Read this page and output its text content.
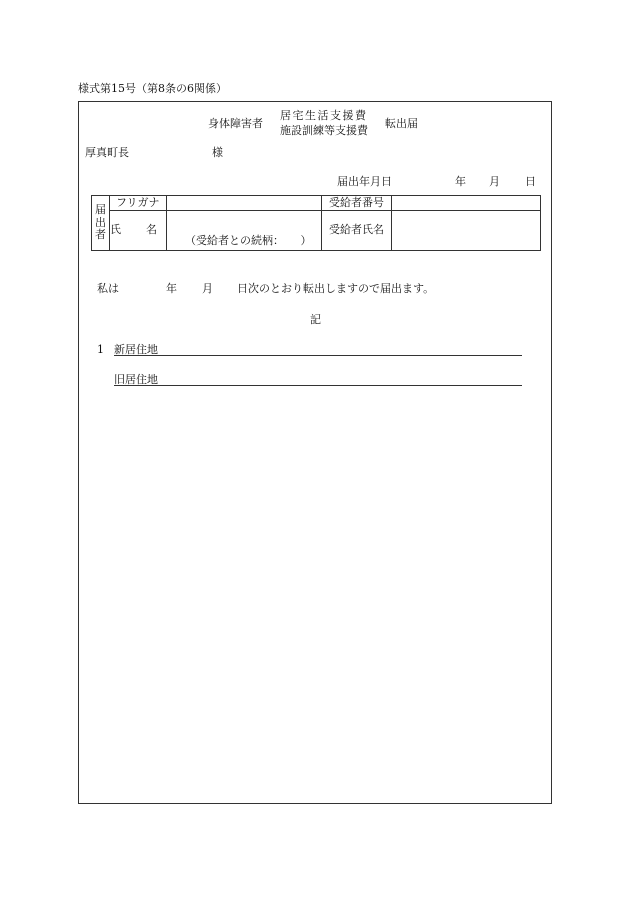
様式第15号（第8条の6関係）
身体障害者
居宅生活支援費
施設訓練等支援費
転出届
厚真町長	様
届出年月日	年 月 日
届
出
者	フリガナ		受給者番号	
	氏 名	（受給者との続柄：　　）	受給者氏名	
私は	年 月 日次のとおり転出しますので届出ます。
記
1 新居住地
旧居住地
